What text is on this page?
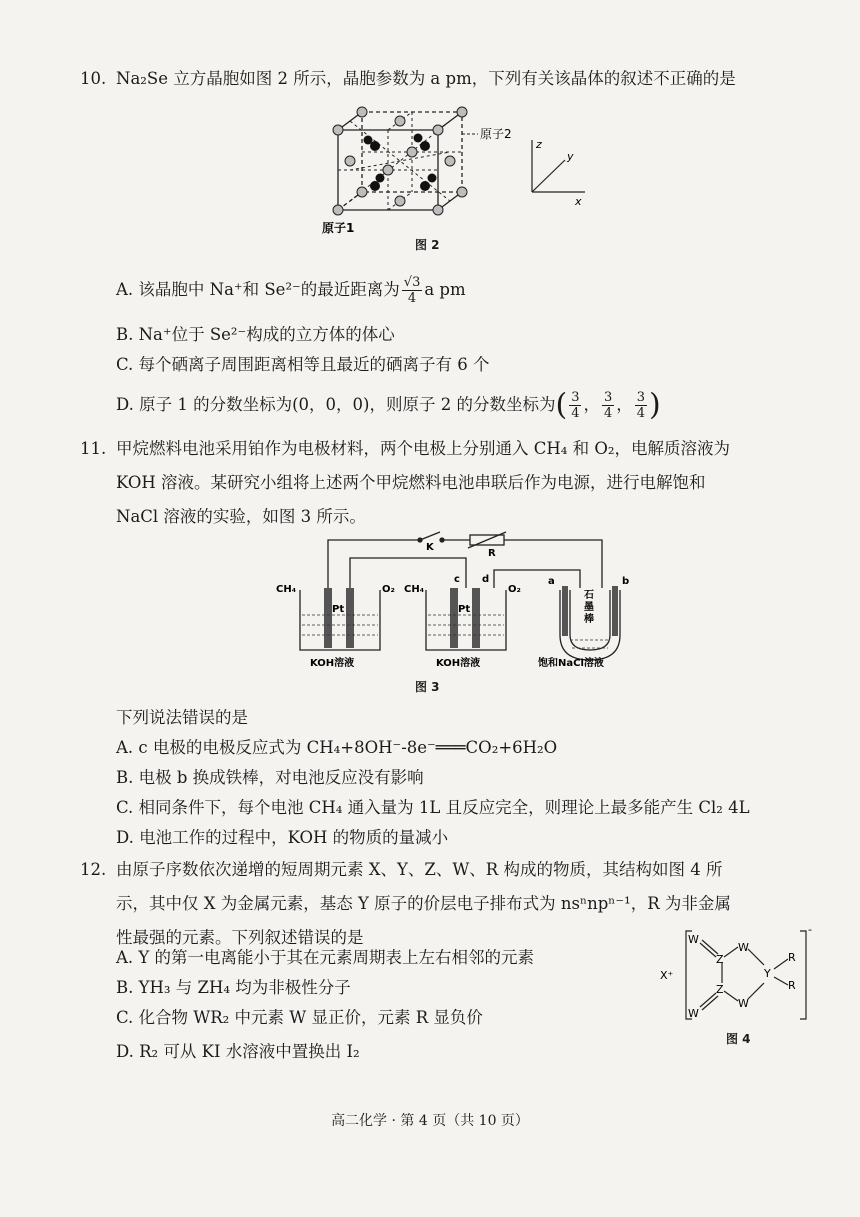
10. Na₂Se 立方晶胞如图 2 所示，晶胞参数为 a pm，下列有关该晶体的叙述不正确的是
原子2
原子1
z
y
x
图 2
A. 该晶胞中 Na⁺和 Se²⁻的最近距离为 $\frac{√3}{4}$ a pm
B. Na⁺位于 Se²⁻构成的立方体的体心
C. 每个硒离子周围距离相等且最近的硒离子有 6 个
D. 原子 1 的分数坐标为(0，0，0)，则原子 2 的分数坐标为( $\frac{3}{4}$ ， $\frac{3}{4}$ ， $\frac{3}{4}$ )
11. 甲烷燃料电池采用铂作为电极材料，两个电极上分别通入 CH₄ 和 O₂，电解质溶液为
KOH 溶液。某研究小组将上述两个甲烷燃料电池串联后作为电源，进行电解饱和
NaCl 溶液的实验，如图 3 所示。
CH₄	O₂ CH₄	O₂
Pt	Pt
c d	a	b
石
墨
棒
K
R
KOH溶液	KOH溶液	饱和NaCl溶液
图 3
下列说法错误的是
A. c 电极的电极反应式为 CH₄+8OH⁻-8e⁻═══CO₂+6H₂O
B. 电极 b 换成铁棒，对电池反应没有影响
C. 相同条件下，每个电池 CH₄ 通入量为 1L 且反应完全，则理论上最多能产生 Cl₂ 4L
D. 电池工作的过程中，KOH 的物质的量减小
12. 由原子序数依次递增的短周期元素 X、Y、Z、W、R 构成的物质，其结构如图 4 所
示，其中仅 X 为金属元素，基态 Y 原子的价层电子排布式为 nsⁿnpⁿ⁻¹，R 为非金属
性最强的元素。下列叙述错误的是	W
Z
W
Y
R
R
Z
W
W
X⁺
-
图 4
A. Y 的第一电离能小于其在元素周期表上左右相邻的元素
B. YH₃ 与 ZH₄ 均为非极性分子
C. 化合物 WR₂ 中元素 W 显正价，元素 R 显负价
D. R₂ 可从 KI 水溶液中置换出 I₂
高二化学 · 第 4 页（共 10 页）
